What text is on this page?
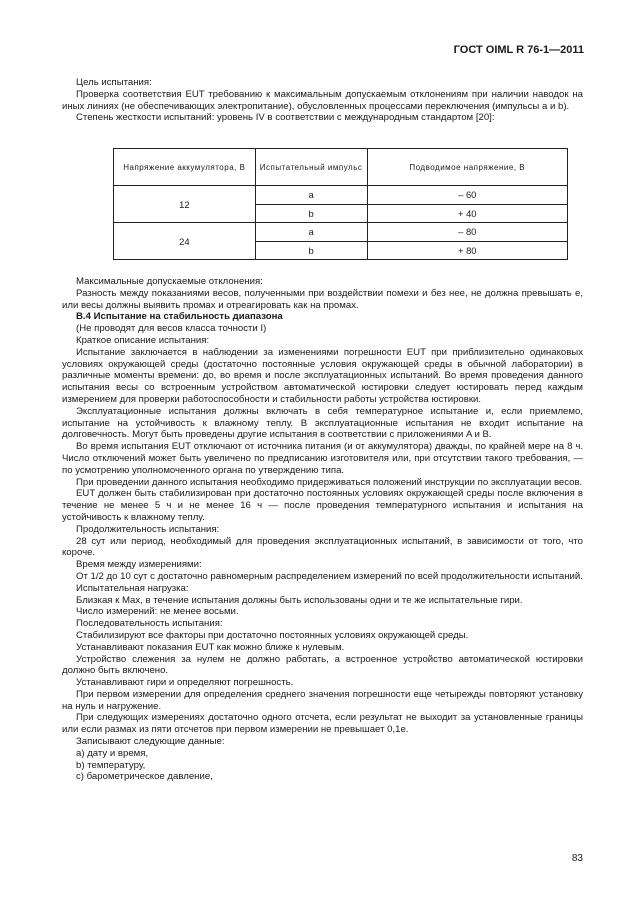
ГОСТ OIML R 76-1—2011

Цель испытания:

Проверка соответствия EUT требованию к максимальным допускаемым отклонениям при наличии наводок на иных линиях (не обеспечивающих электропитание), обусловленных процессами переключения (импульсы a и b).

Степень жесткости испытаний: уровень IV в соответствии с международным стандартом [20]:

Напряжение аккумулятора, В	Испытательный импульс	Подводимое напряжение, В
12	a	– 60
	b	+ 40
24	a	– 80
	b	+ 80

Максимальные допускаемые отклонения:

Разность между показаниями весов, полученными при воздействии помехи и без нее, не должна превышать e, или весы должны выявить промах и отреагировать как на промах.

B.4 Испытание на стабильность диапазона

(Не проводят для весов класса точности I)

Краткое описание испытания:

Испытание заключается в наблюдении за изменениями погрешности EUT при приблизительно одинаковых условиях окружающей среды (достаточно постоянные условия окружающей среды в обычной лаборатории) в различные моменты времени: до, во время и после эксплуатационных испытаний. Во время проведения данного испытания весы со встроенным устройством автоматической юстировки следует юстировать перед каждым измерением для проверки работоспособности и стабильности работы устройства юстировки.

Эксплуатационные испытания должны включать в себя температурное испытание и, если приемлемо, испытание на устойчивость к влажному теплу. В эксплуатационные испытания не входит испытание на долговечность. Могут быть проведены другие испытания в соответствии с приложениями A и B.

Во время испытания EUT отключают от источника питания (и от аккумулятора) дважды, по крайней мере на 8 ч. Число отключений может быть увеличено по предписанию изготовителя или, при отсутствии такого требования, — по усмотрению уполномоченного органа по утверждению типа.

При проведении данного испытания необходимо придерживаться положений инструкции по эксплуатации весов.

EUT должен быть стабилизирован при достаточно постоянных условиях окружающей среды после включения в течение не менее 5 ч и не менее 16 ч — после проведения температурного испытания и испытания на устойчивость к влажному теплу.

Продолжительность испытания:

28 сут или период, необходимый для проведения эксплуатационных испытаний, в зависимости от того, что короче.

Время между измерениями:

От 1/2 до 10 сут с достаточно равномерным распределением измерений по всей продолжительности испытаний.

Испытательная нагрузка:

Близкая к Max, в течение испытания должны быть использованы одни и те же испытательные гири.

Число измерений: не менее восьми.

Последовательность испытания:

Стабилизируют все факторы при достаточно постоянных условиях окружающей среды.

Устанавливают показания EUT как можно ближе к нулевым.

Устройство слежения за нулем не должно работать, а встроенное устройство автоматической юстировки должно быть включено.

Устанавливают гири и определяют погрешность.

При первом измерении для определения среднего значения погрешности еще четырежды повторяют установку на нуль и нагружение.

При следующих измерениях достаточно одного отсчета, если результат не выходит за установленные границы или если размах из пяти отсчетов при первом измерении не превышает 0,1e.

Записывают следующие данные:

a) дату и время,

b) температуру,

c) барометрическое давление,

83
